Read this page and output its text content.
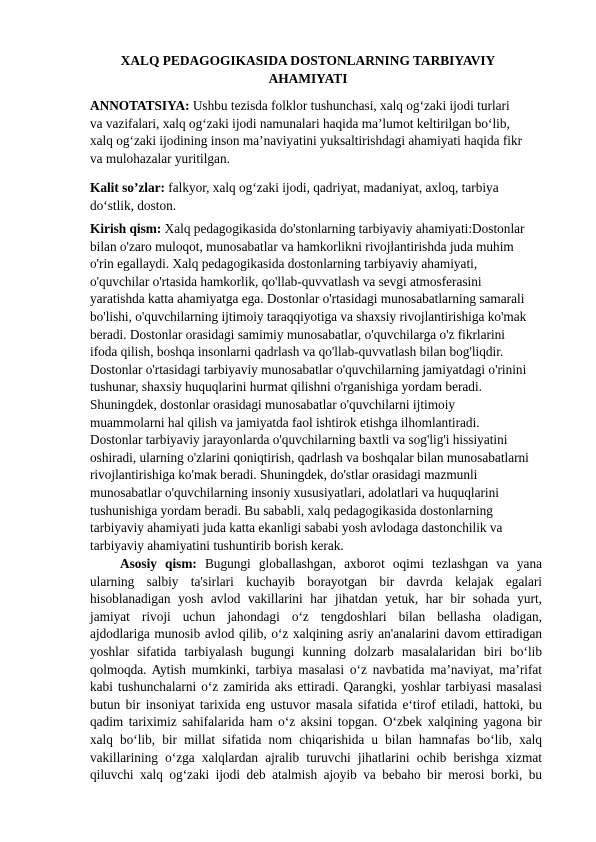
XALQ PEDAGOGIKASIDA DOSTONLARNING TARBIYAVIY
AHAMIYATI
ANNOTATSIYA: Ushbu tezisda folklor tushunchasi, xalq og‘zaki ijodi turlari
va vazifalari, xalq og‘zaki ijodi namunalari haqida ma’lumot keltirilgan bo‘lib,
xalq og‘zaki ijodining inson ma’naviyatini yuksaltirishdagi ahamiyati haqida fikr
va mulohazalar yuritilgan.
Kalit so’zlar: falkyor, xalq og‘zaki ijodi, qadriyat, madaniyat, axloq, tarbiya
do‘stlik, doston.
Kirish qism: Xalq pedagogikasida do'stonlarning tarbiyaviy ahamiyati:Dostonlar
bilan o'zaro muloqot, munosabatlar va hamkorlikni rivojlantirishda juda muhim
o'rin egallaydi. Xalq pedagogikasida dostonlarning tarbiyaviy ahamiyati,
o'quvchilar o'rtasida hamkorlik, qo'llab-quvvatlash va sevgi atmosferasini
yaratishda katta ahamiyatga ega. Dostonlar o'rtasidagi munosabatlarning samarali
bo'lishi, o'quvchilarning ijtimoiy taraqqiyotiga va shaxsiy rivojlantirishiga ko'mak
beradi. Dostonlar orasidagi samimiy munosabatlar, o'quvchilarga o'z fikrlarini
ifoda qilish, boshqa insonlarni qadrlash va qo'llab-quvvatlash bilan bog'liqdir.
Dostonlar o'rtasidagi tarbiyaviy munosabatlar o'quvchilarning jamiyatdagi o'rinini
tushunar, shaxsiy huquqlarini hurmat qilishni o'rganishiga yordam beradi.
Shuningdek, dostonlar orasidagi munosabatlar o'quvchilarni ijtimoiy
muammolarni hal qilish va jamiyatda faol ishtirok etishga ilhomlantiradi.
Dostonlar tarbiyaviy jarayonlarda o'quvchilarning baxtli va sog'lig'i hissiyatini
oshiradi, ularning o'zlarini qoniqtirish, qadrlash va boshqalar bilan munosabatlarni
rivojlantirishiga ko'mak beradi. Shuningdek, do'stlar orasidagi mazmunli
munosabatlar o'quvchilarning insoniy xususiyatlari, adolatlari va huquqlarini
tushunishiga yordam beradi. Bu sababli, xalq pedagogikasida dostonlarning
tarbiyaviy ahamiyati juda katta ekanligi sababi yosh avlodaga dastonchilik va
tarbiyaviy ahamiyatini tushuntirib borish kerak.
Asosiy qism: Bugungi globallashgan, axborot oqimi tezlashgan va yana
ularning salbiy ta'sirlari kuchayib borayotgan bir davrda kelajak egalari
hisoblanadigan yosh avlod vakillarini har jihatdan yetuk, har bir sohada yurt,
jamiyat rivoji uchun jahondagi o‘z tengdoshlari bilan bellasha oladigan,
ajdodlariga munosib avlod qilib, o‘z xalqining asriy an'analarini davom ettiradigan
yoshlar sifatida tarbiyalash bugungi kunning dolzarb masalalaridan biri bo‘lib
qolmoqda. Aytish mumkinki, tarbiya masalasi o‘z navbatida ma’naviyat, ma’rifat
kabi tushunchalarni o‘z zamirida aks ettiradi. Qarangki, yoshlar tarbiyasi masalasi
butun bir insoniyat tarixida eng ustuvor masala sifatida e‘tirof etiladi, hattoki, bu
qadim tariximiz sahifalarida ham o‘z aksini topgan. O‘zbek xalqining yagona bir
xalq bo‘lib, bir millat sifatida nom chiqarishida u bilan hamnafas bo‘lib, xalq
vakillarining o‘zga xalqlardan ajralib turuvchi jihatlarini ochib berishga xizmat
qiluvchi xalq og‘zaki ijodi deb atalmish ajoyib va bebaho bir merosi borki, bu
